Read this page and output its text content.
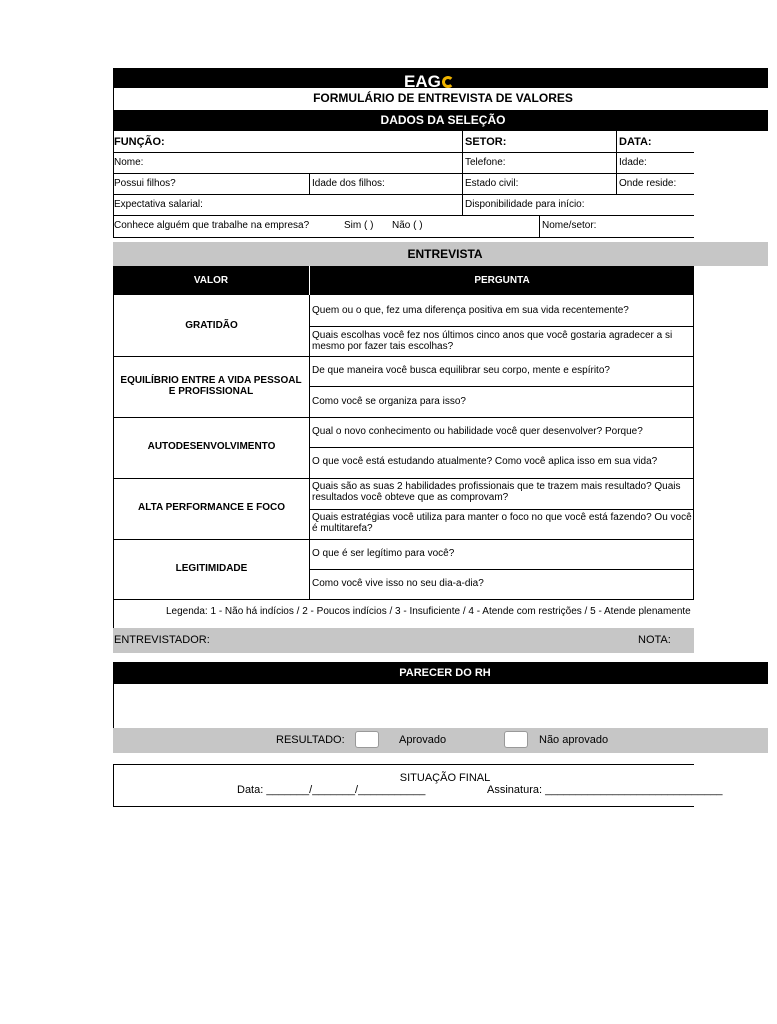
EAG
FORMULÁRIO DE ENTREVISTA DE VALORES
DADOS DA SELEÇÃO
FUNÇÃO:	SETOR:	DATA:
Nome:	Telefone:	Idade:
Possui filhos?	Idade dos filhos:	Estado civil:	Onde reside:
Expectativa salarial:	Disponibilidade para início:
Conhece alguém que trabalhe na empresa?	Sim ( ) Não ( )	Nome/setor:
ENTREVISTA
VALOR	PERGUNTA
GRATIDÃO
Quem ou o que, fez uma diferença positiva em sua vida recentemente?
Quais escolhas você fez nos últimos cinco anos que você gostaria agradecer a si mesmo por fazer tais escolhas?
EQUILÍBRIO ENTRE A VIDA PESSOAL E PROFISSIONAL
De que maneira você busca equilibrar seu corpo, mente e espírito?
Como você se organiza para isso?
AUTODESENVOLVIMENTO
Qual o novo conhecimento ou habilidade você quer desenvolver? Porque?
O que você está estudando atualmente? Como você aplica isso em sua vida?
ALTA PERFORMANCE E FOCO
Quais são as suas 2 habilidades profissionais que te trazem mais resultado? Quais resultados você obteve que as comprovam?
Quais estratégias você utiliza para manter o foco no que você está fazendo? Ou você é multitarefa?
LEGITIMIDADE
O que é ser legítimo para você?
Como você vive isso no seu dia-a-dia?
Legenda: 1 - Não há indícios / 2 - Poucos indícios / 3 - Insuficiente / 4 - Atende com restrições / 5 - Atende plenamente
ENTREVISTADOR:	NOTA:
PARECER DO RH
RESULTADO:	Aprovado	Não aprovado
SITUAÇÃO FINAL
Data: _______/_______/___________	Assinatura: _____________________________
